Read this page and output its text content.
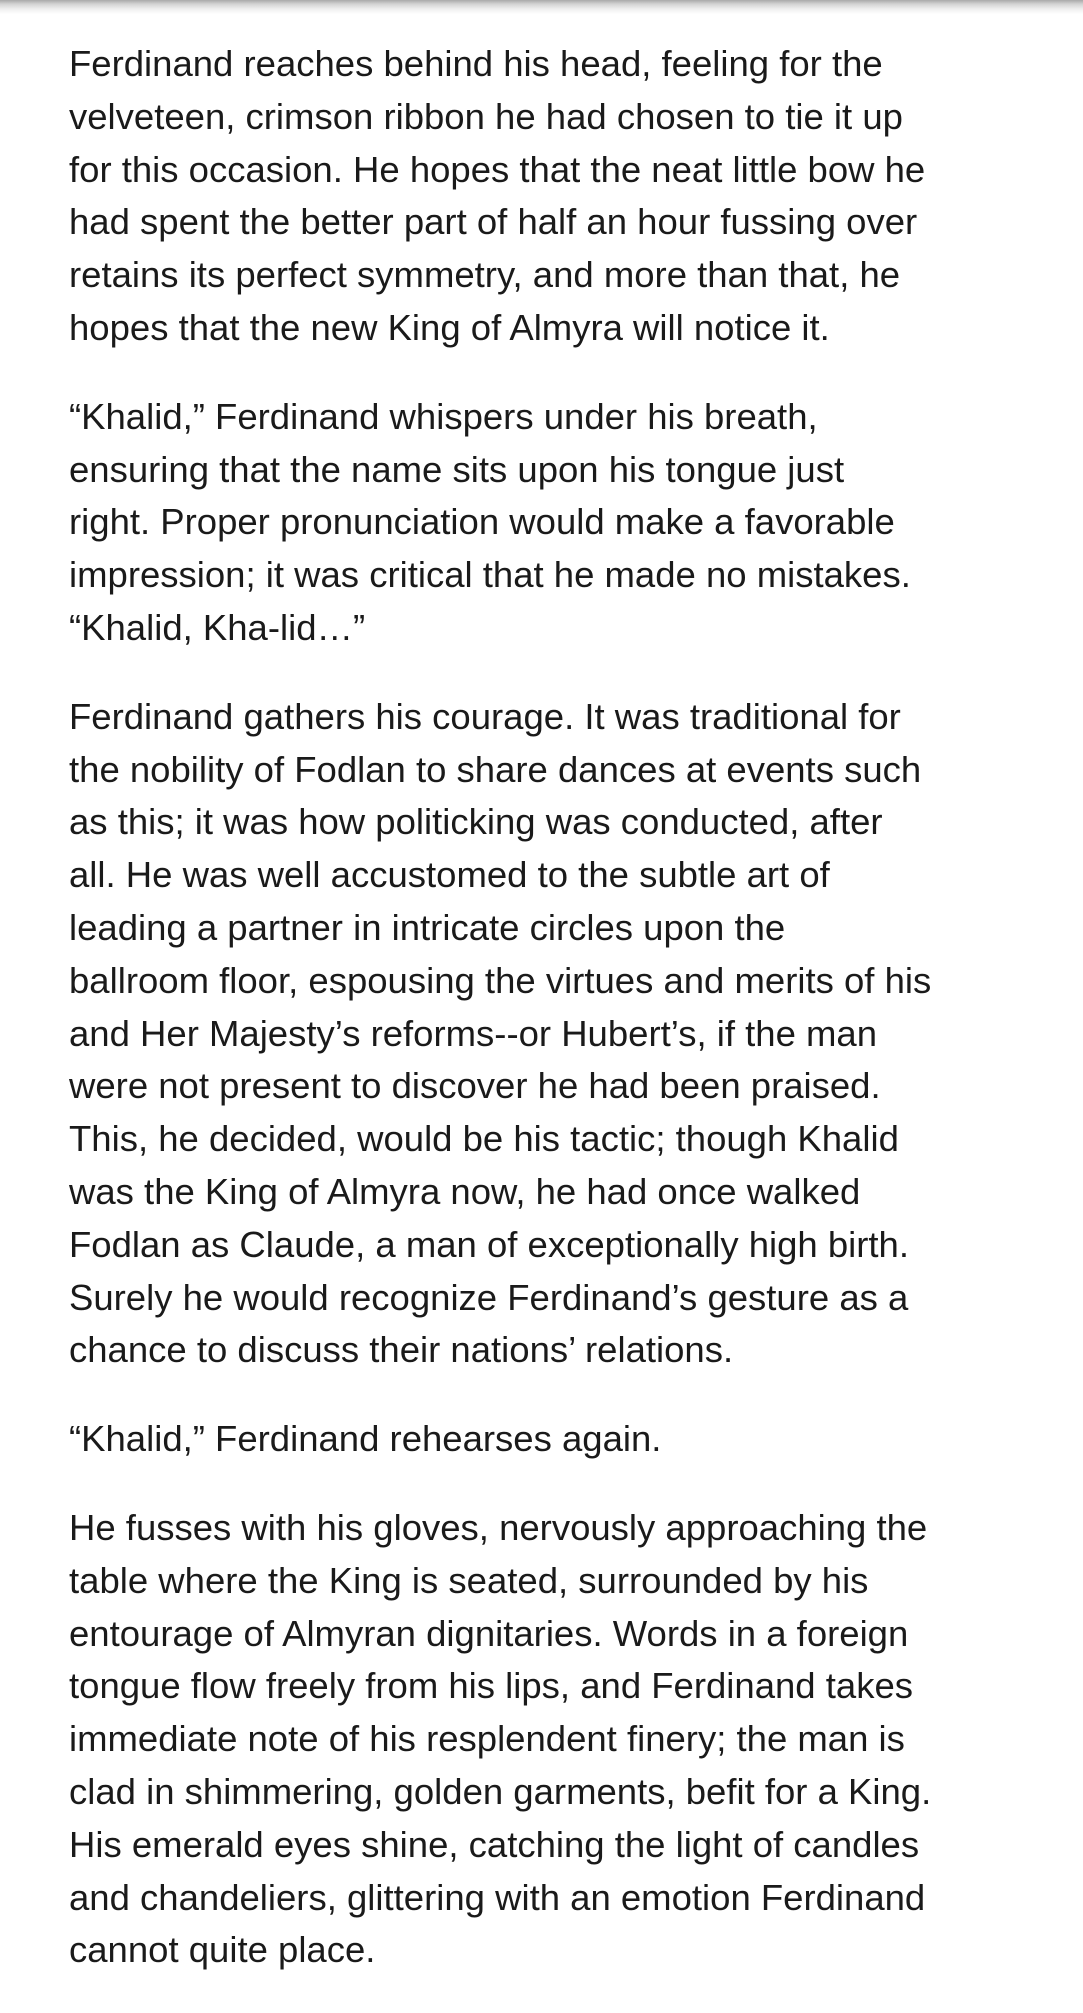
Ferdinand reaches behind his head, feeling for the
velveteen, crimson ribbon he had chosen to tie it up
for this occasion. He hopes that the neat little bow he
had spent the better part of half an hour fussing over
retains its perfect symmetry, and more than that, he
hopes that the new King of Almyra will notice it.

“Khalid,” Ferdinand whispers under his breath,
ensuring that the name sits upon his tongue just
right. Proper pronunciation would make a favorable
impression; it was critical that he made no mistakes.
“Khalid, Kha-lid…”

Ferdinand gathers his courage. It was traditional for
the nobility of Fodlan to share dances at events such
as this; it was how politicking was conducted, after
all. He was well accustomed to the subtle art of
leading a partner in intricate circles upon the
ballroom floor, espousing the virtues and merits of his
and Her Majesty’s reforms--or Hubert’s, if the man
were not present to discover he had been praised.
This, he decided, would be his tactic; though Khalid
was the King of Almyra now, he had once walked
Fodlan as Claude, a man of exceptionally high birth.
Surely he would recognize Ferdinand’s gesture as a
chance to discuss their nations’ relations.

“Khalid,” Ferdinand rehearses again.

He fusses with his gloves, nervously approaching the
table where the King is seated, surrounded by his
entourage of Almyran dignitaries. Words in a foreign
tongue flow freely from his lips, and Ferdinand takes
immediate note of his resplendent finery; the man is
clad in shimmering, golden garments, befit for a King.
His emerald eyes shine, catching the light of candles
and chandeliers, glittering with an emotion Ferdinand
cannot quite place.
